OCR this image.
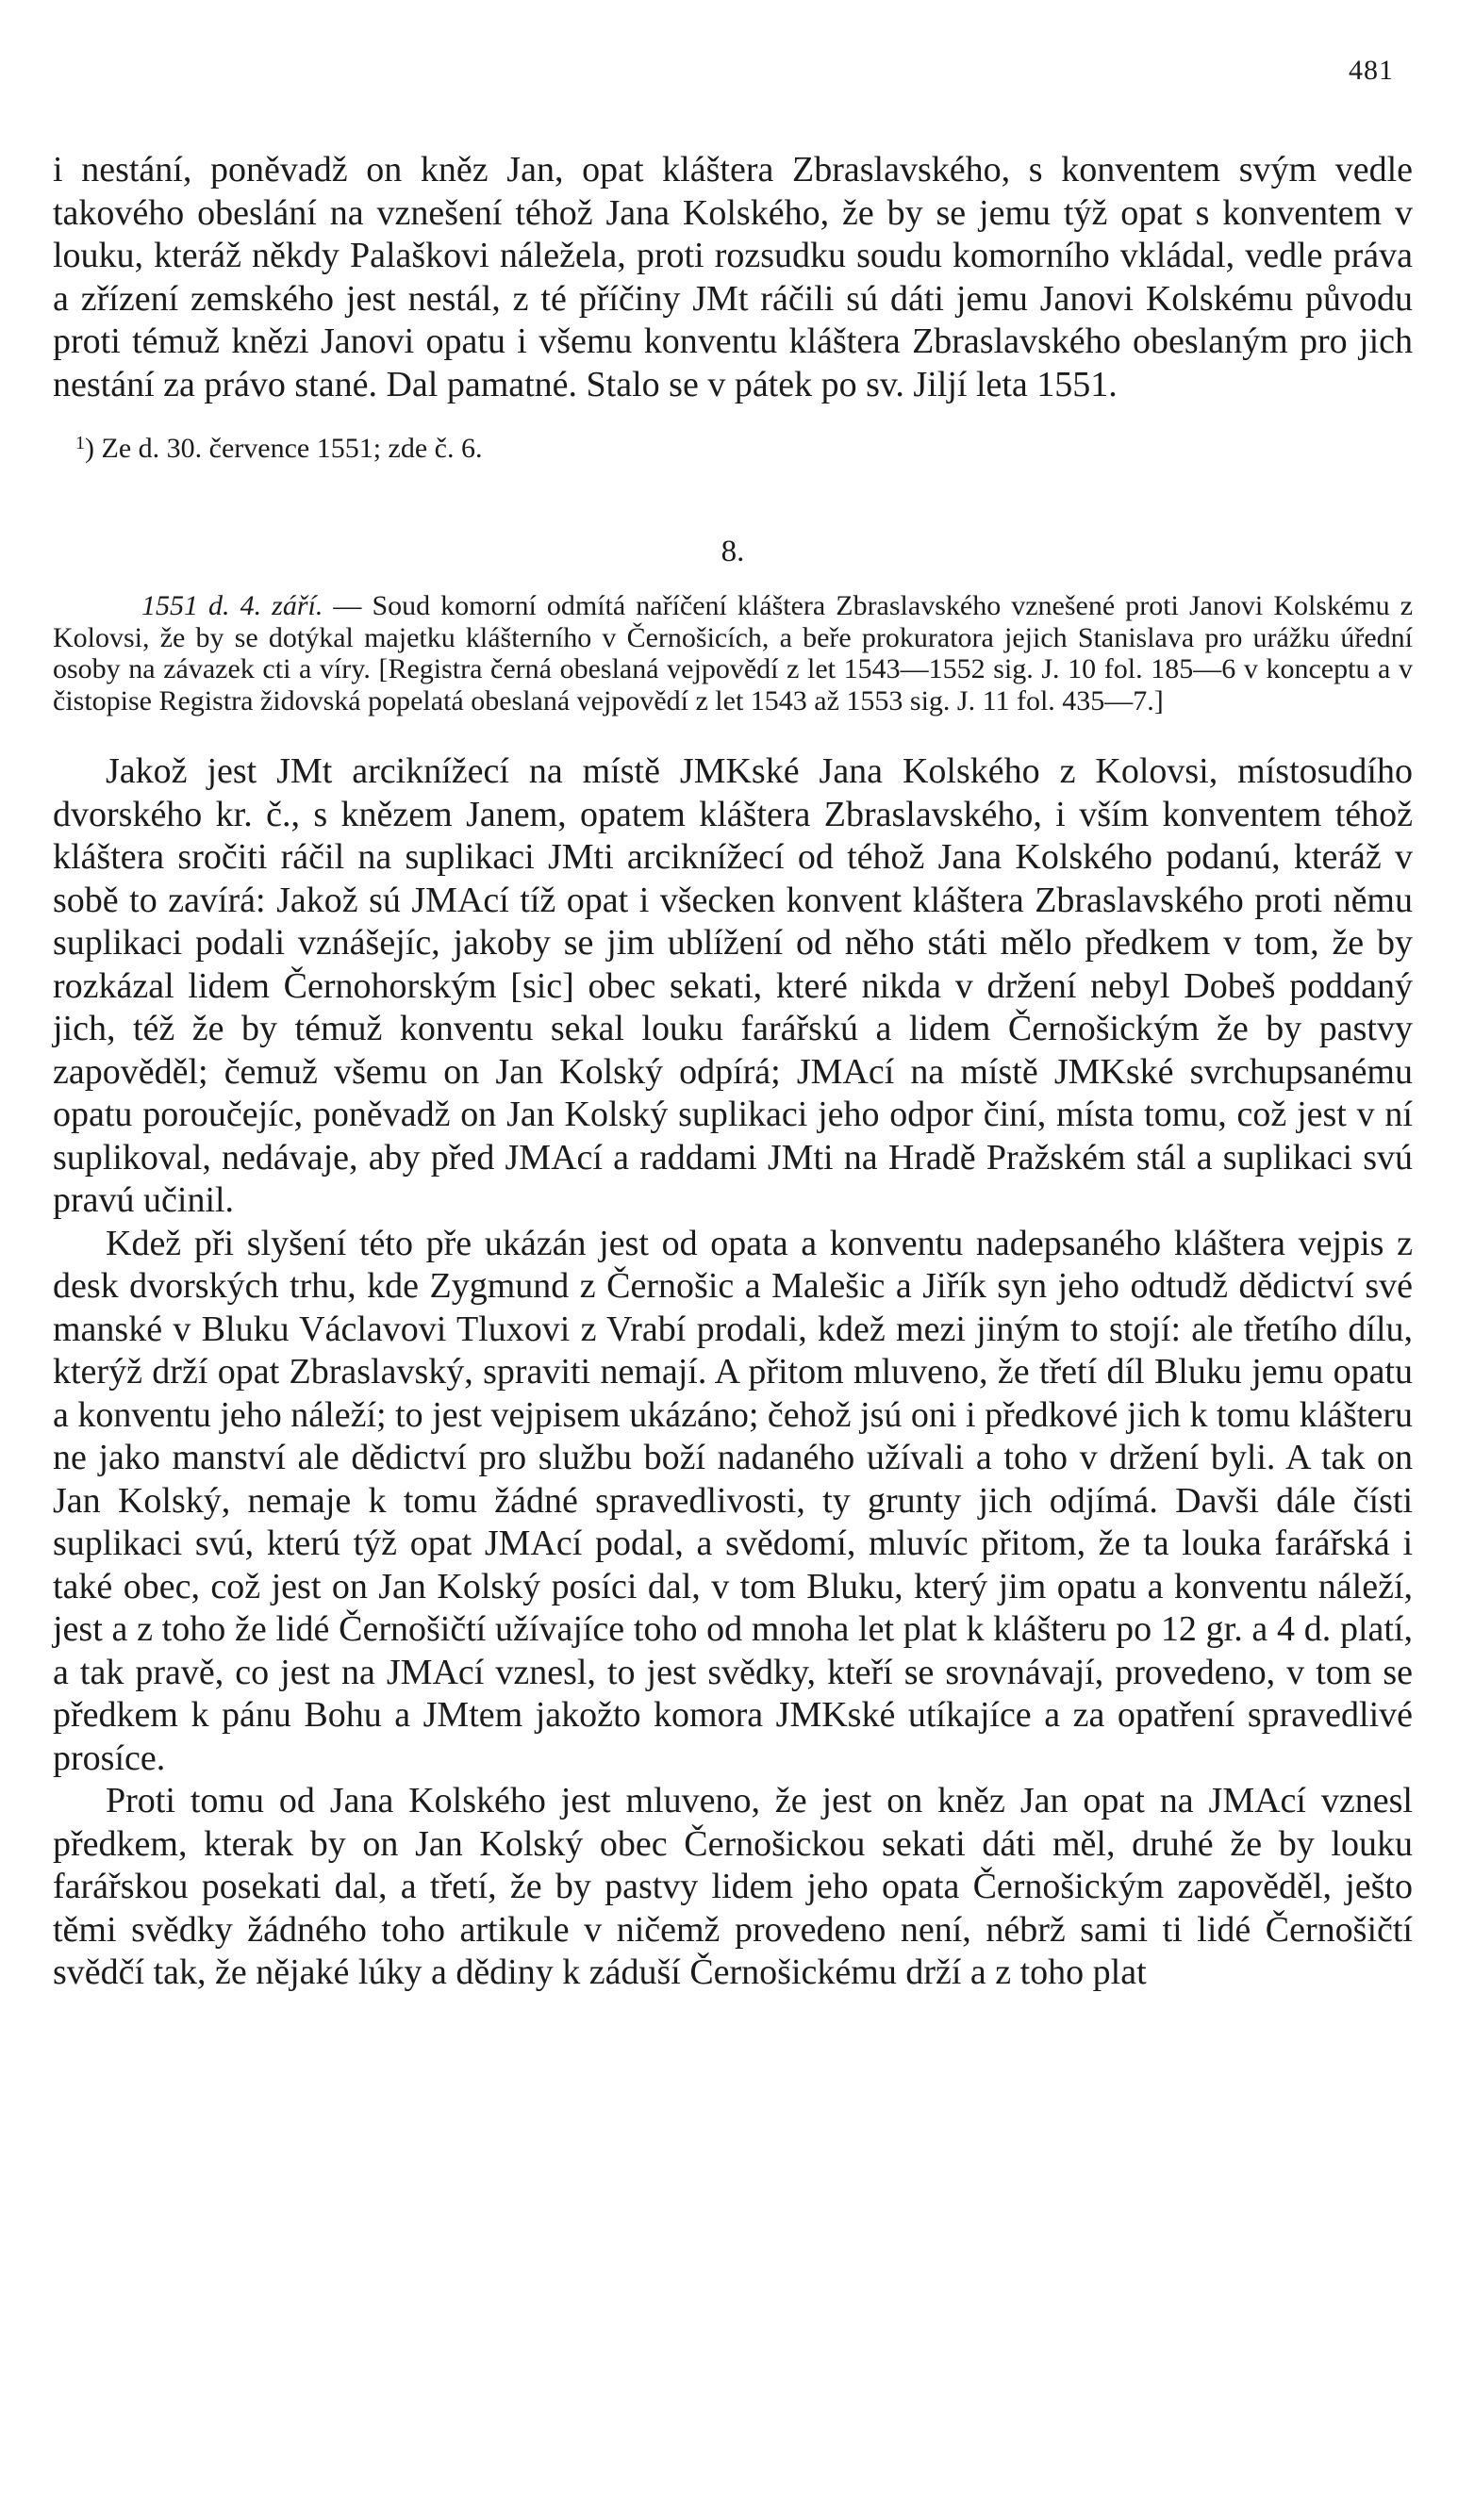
481

i nestání, poněvadž on kněz Jan, opat kláštera Zbraslavského, s konventem svým vedle takového obeslání na vznešení téhož Jana Kolského, že by se jemu týž opat s konventem v louku, kteráž někdy Palaškovi náležela, proti rozsudku soudu komorního vkládal, vedle práva a zřízení zemského jest nestál, z té příčiny JMt ráčili sú dáti jemu Janovi Kolskému původu proti témuž knězi Janovi opatu i všemu konventu kláštera Zbraslavského obeslaným pro jich nestání za právo stané. Dal pamatné. Stalo se v pátek po sv. Jiljí leta 1551.

$^1$) Ze d. 30. července 1551; zde č. 6.
8.

1551 d. 4. září. — Soud komorní odmítá naříčení kláštera Zbraslavského vznešené proti Janovi Kolskému z Kolovsi, že by se dotýkal majetku klášterního v Černošicích, a beře prokuratora jejich Stanislava pro urážku úřední osoby na závazek cti a víry. [Registra černá obeslaná vejpovědí z let 1543—1552 sig. J. 10 fol. 185—6 v konceptu a v čistopise Registra židovská popelatá obeslaná vejpovědí z let 1543 až 1553 sig. J. 11 fol. 435—7.]

Jakož jest JMt arciknížecí na místě JMKské Jana Kolského z Kolovsi, místosudího dvorského kr. č., s knězem Janem, opatem kláštera Zbraslavského, i vším konventem téhož kláštera sročiti ráčil na suplikaci JMti arciknížecí od téhož Jana Kolského podanú, kteráž v sobě to zavírá: Jakož sú JMAcí tíž opat i všecken konvent kláštera Zbraslavského proti němu suplikaci podali vznášejíc, jakoby se jim ublížení od něho státi mělo předkem v tom, že by rozkázal lidem Černohorským [sic] obec sekati, které nikda v držení nebyl Dobeš poddaný jich, též že by témuž konventu sekal louku farářskú a lidem Černošickým že by pastvy zapověděl; čemuž všemu on Jan Kolský odpírá; JMAcí na místě JMKské svrchupsanému opatu poroučejíc, poněvadž on Jan Kolský suplikaci jeho odpor činí, místa tomu, což jest v ní suplikoval, nedávaje, aby před JMAcí a raddami JMti na Hradě Pražském stál a suplikaci svú pravú učinil.

Kdež při slyšení této pře ukázán jest od opata a konventu nadepsaného kláštera vejpis z desk dvorských trhu, kde Zygmund z Černošic a Malešic a Jiřík syn jeho odtudž dědictví své manské v Bluku Václavovi Tluxovi z Vrabí prodali, kdež mezi jiným to stojí: ale třetího dílu, kterýž drží opat Zbraslavský, spraviti nemají. A přitom mluveno, že třetí díl Bluku jemu opatu a konventu jeho náleží; to jest vejpisem ukázáno; čehož jsú oni i předkové jich k tomu klášteru ne jako manství ale dědictví pro službu boží nadaného užívali a toho v držení byli. A tak on Jan Kolský, nemaje k tomu žádné spravedlivosti, ty grunty jich odjímá. Davši dále čísti suplikaci svú, kterú týž opat JMAcí podal, a svědomí, mluvíc přitom, že ta louka farářská i také obec, což jest on Jan Kolský posíci dal, v tom Bluku, který jim opatu a konventu náleží, jest a z toho že lidé Černošičtí užívajíce toho od mnoha let plat k klášteru po 12 gr. a 4 d. platí, a tak pravě, co jest na JMAcí vznesl, to jest svědky, kteří se srovnávají, provedeno, v tom se předkem k pánu Bohu a JMtem jakožto komora JMKské utíkajíce a za opatření spravedlivé prosíce.

Proti tomu od Jana Kolského jest mluveno, že jest on kněz Jan opat na JMAcí vznesl předkem, kterak by on Jan Kolský obec Černošickou sekati dáti měl, druhé že by louku farářskou posekati dal, a třetí, že by pastvy lidem jeho opata Černošickým zapověděl, ješto těmi svědky žádného toho artikule v ničemž provedeno není, nébrž sami ti lidé Černošičtí svědčí tak, že nějaké lúky a dědiny k záduší Černošickému drží a z toho plat
